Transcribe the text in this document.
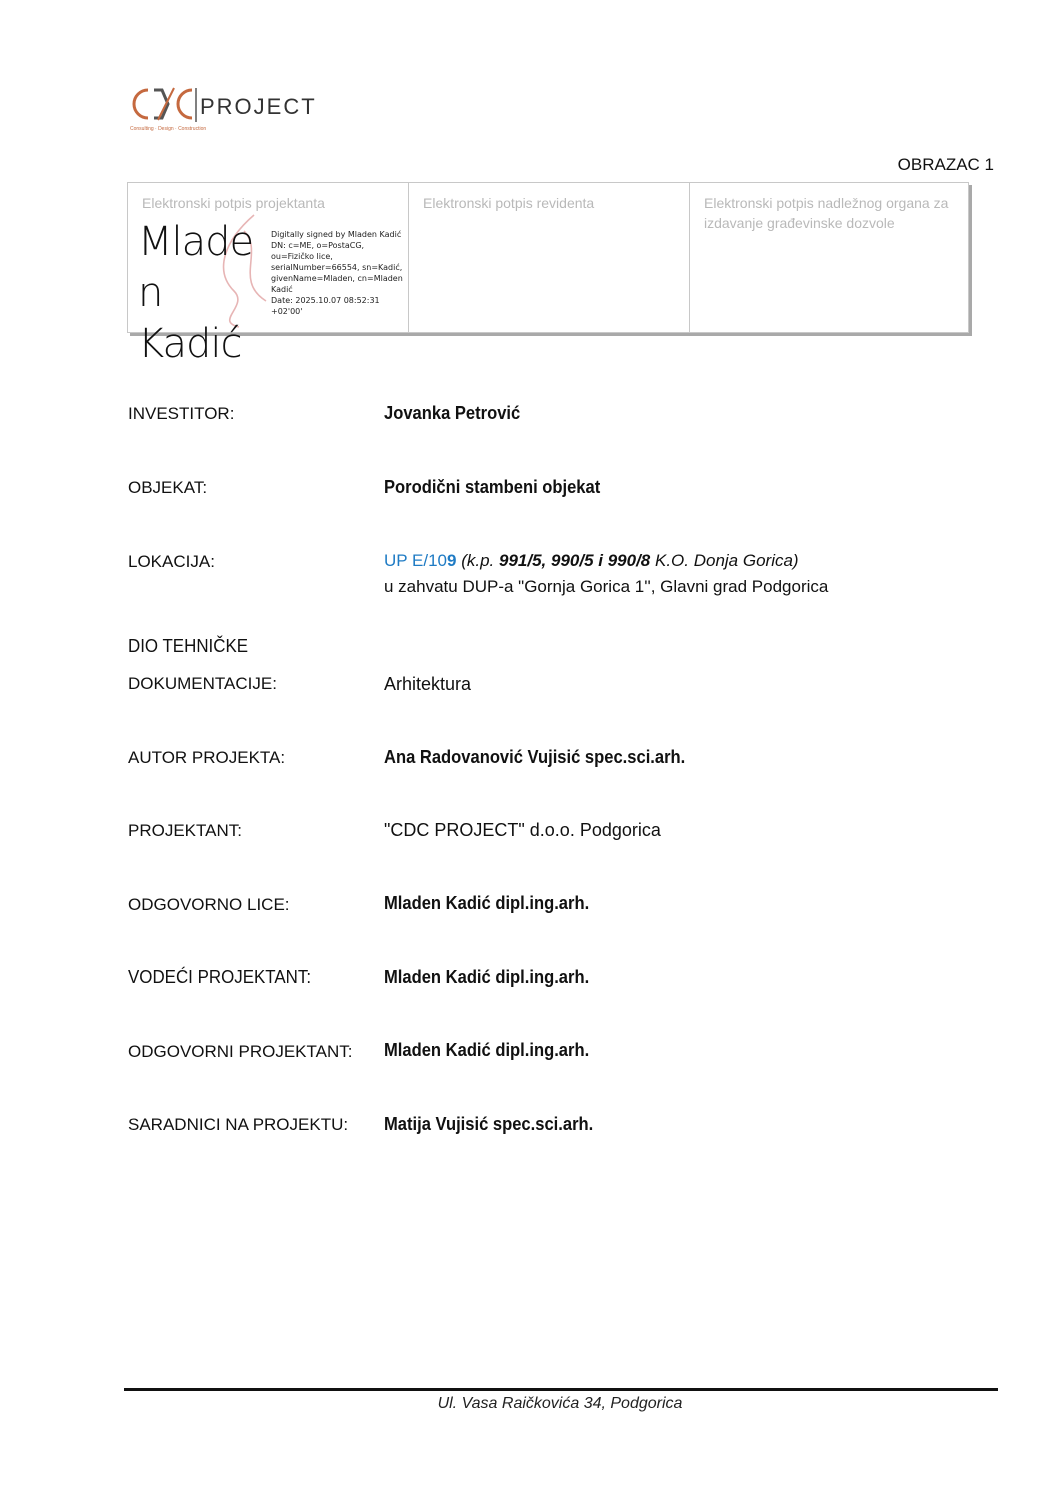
PROJECT
Consulting · Design · Construction
OBRAZAC 1
Elektronski potpis projektanta
Mlade
n Kadić
Digitally signed by Mladen Kadić
DN: c=ME, o=PostaCG,
ou=Fizičko lice,
serialNumber=66554, sn=Kadić,
givenName=Mladen, cn=Mladen
Kadić
Date: 2025.10.07 08:52:31 +02'00'
Elektronski potpis revidenta	Elektronski potpis nadležnog organa za izdavanje građevinske dozvole
INVESTITOR:	Jovanka Petrović
OBJEKAT:	Porodični stambeni objekat
LOKACIJA:	UP E/109 (k.p. 991/5, 990/5 i 990/8 K.O. Donja Gorica)
u zahvatu DUP-a "Gornja Gorica 1'', Glavni grad Podgorica
DIO TEHNIČKE
DOKUMENTACIJE:	Arhitektura
AUTOR PROJEKTA:	Ana Radovanović Vujisić spec.sci.arh.
PROJEKTANT:	"CDC PROJECT" d.o.o. Podgorica
ODGOVORNO LICE:	Mladen Kadić dipl.ing.arh.
VODEĆI PROJEKTANT:	Mladen Kadić dipl.ing.arh.
ODGOVORNI PROJEKTANT: Mladen Kadić dipl.ing.arh.
SARADNICI NA PROJEKTU: Matija Vujisić spec.sci.arh.
Ul. Vasa Raičkovića 34, Podgorica
